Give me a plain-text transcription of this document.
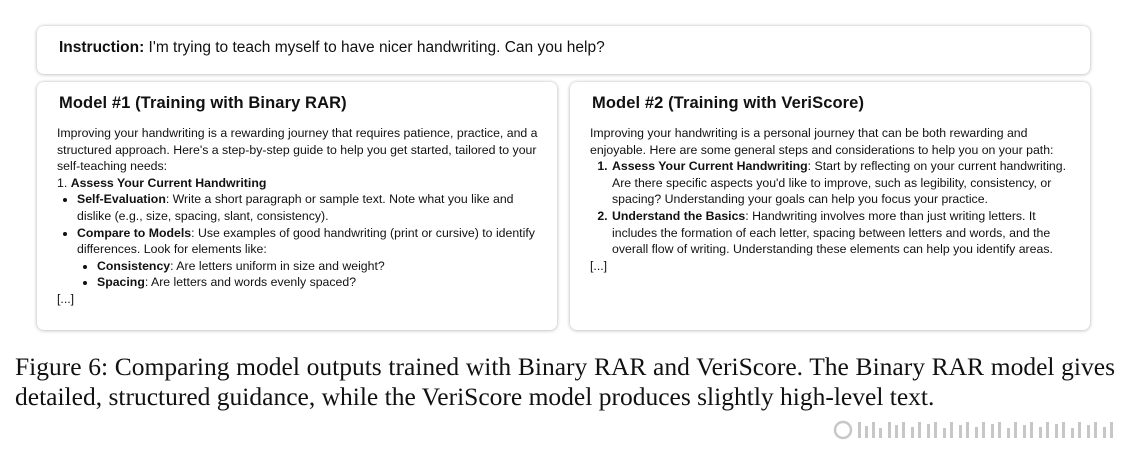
Instruction: I'm trying to teach myself to have nicer handwriting. Can you help?
Model #1 (Training with Binary RAR)

Improving your handwriting is a rewarding journey that requires patience, practice, and a structured approach. Here's a step-by-step guide to help you get started, tailored to your self-teaching needs:

1. Assess Your Current Handwriting
• Self-Evaluation: Write a short paragraph or sample text. Note what you like and dislike (e.g., size, spacing, slant, consistency).
• Compare to Models: Use examples of good handwriting (print or cursive) to identify differences. Look for elements like:
• Consistency: Are letters uniform in size and weight?
• Spacing: Are letters and words evenly spaced?
[...]
Model #2 (Training with VeriScore)

Improving your handwriting is a personal journey that can be both rewarding and enjoyable. Here are some general steps and considerations to help you on your path:

1. Assess Your Current Handwriting: Start by reflecting on your current handwriting. Are there specific aspects you'd like to improve, such as legibility, consistency, or spacing? Understanding your goals can help you focus your practice.
2. Understand the Basics: Handwriting involves more than just writing letters. It includes the formation of each letter, spacing between letters and words, and the overall flow of writing. Understanding these elements can help you identify areas.
[...]
Figure 6: Comparing model outputs trained with Binary RAR and VeriScore. The Binary RAR model gives detailed, structured guidance, while the VeriScore model produces slightly high-level text.
